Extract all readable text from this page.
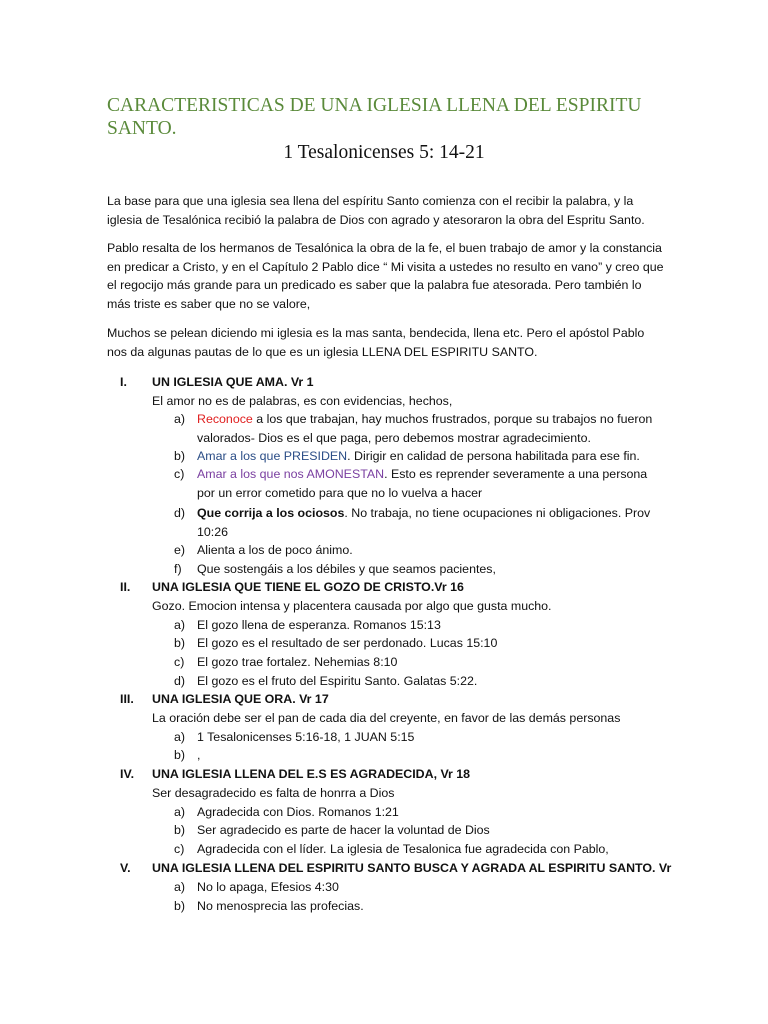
CARACTERISTICAS DE UNA IGLESIA LLENA DEL ESPIRITU SANTO.
1 Tesalonicenses 5: 14-21
La base para que una iglesia sea llena del espíritu Santo comienza con el recibir la palabra, y la iglesia de Tesalónica recibió la palabra de Dios con agrado y atesoraron la obra del Espritu Santo.
Pablo resalta de los hermanos de Tesalónica la obra de la fe, el buen trabajo de amor y la constancia en predicar a Cristo, y en el Capítulo 2 Pablo dice “ Mi visita a ustedes no resulto en vano” y creo que el regocijo más grande para un predicado es saber que la palabra fue atesorada. Pero también lo más triste es saber que no se valore,
Muchos se pelean diciendo mi iglesia es la mas santa, bendecida, llena etc. Pero el apóstol Pablo nos da algunas pautas de lo que es un iglesia LLENA DEL ESPIRITU SANTO.
I.	UN IGLESIA QUE AMA. Vr 1
El amor no es de palabras, es con evidencias, hechos,
a) Reconoce a los que trabajan, hay muchos frustrados, porque su trabajos no fueron valorados- Dios es el que paga, pero debemos mostrar agradecimiento.
b) Amar a los que PRESIDEN. Dirigir en calidad de persona habilitada para ese fin.
c) Amar a los que nos AMONESTAN. Esto es reprender severamente a una persona por un error cometido para que no lo vuelva a hacer
d) Que corrija a los ociosos. No trabaja, no tiene ocupaciones ni obligaciones. Prov 10:26
e) Alienta a los de poco ánimo.
f) Que sostengáis a los débiles y que seamos pacientes,
II.	UNA IGLESIA QUE TIENE EL GOZO DE CRISTO.Vr 16
Gozo. Emocion intensa y placentera causada por algo que gusta mucho.
a) El gozo llena de esperanza. Romanos 15:13
b) El gozo es el resultado de ser perdonado. Lucas 15:10
c) El gozo trae fortalez. Nehemias 8:10
d) El gozo es el fruto del Espiritu Santo. Galatas 5:22.
III.	UNA IGLESIA QUE ORA. Vr 17
La oración debe ser el pan de cada dia del creyente, en favor de las demás personas
a) 1 Tesalonicenses 5:16-18, 1 JUAN 5:15
b) ,
IV.	UNA IGLESIA LLENA DEL E.S ES AGRADECIDA, Vr 18
Ser desagradecido es falta de honrra a Dios
a) Agradecida con Dios. Romanos 1:21
b) Ser agradecido es parte de hacer la voluntad de Dios
c) Agradecida con el líder. La iglesia de Tesalonica fue agradecida con Pablo,
V.	UNA IGLESIA LLENA DEL ESPIRITU SANTO BUSCA Y AGRADA AL ESPIRITU SANTO. Vr
a) No lo apaga, Efesios 4:30
b) No menosprecia las profecias.
